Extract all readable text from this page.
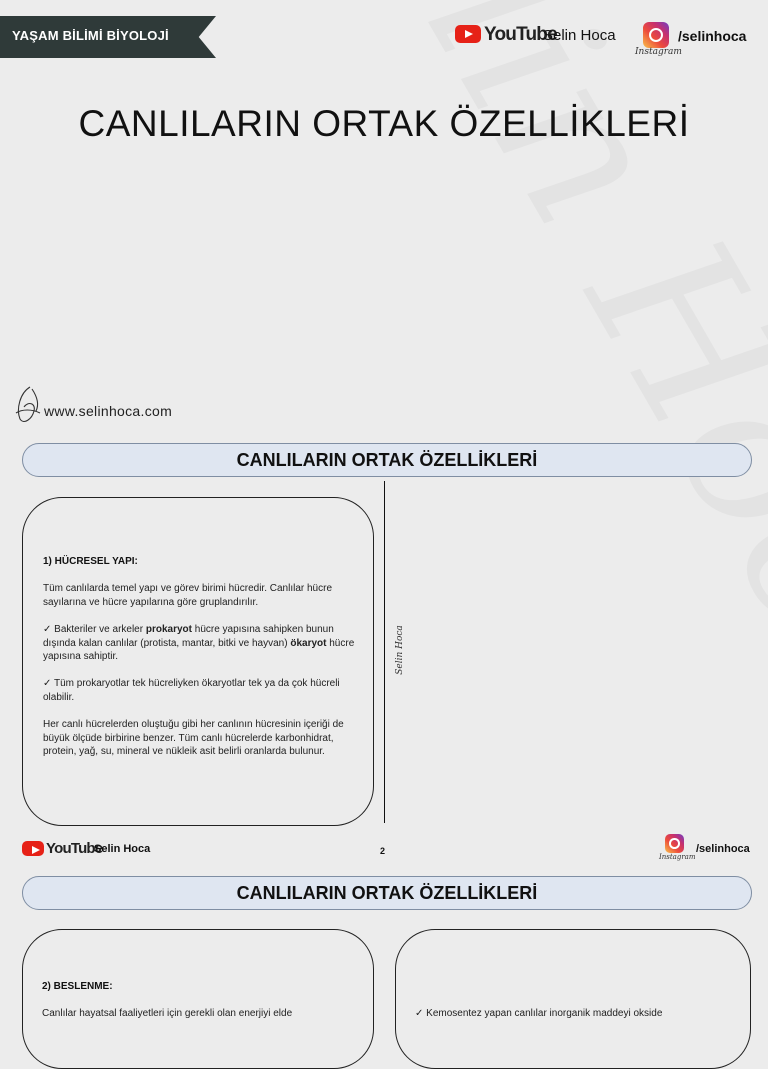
YAŞAM BİLİMİ BİYOLOJİ	YouTube
Selin Hoca
Instagram
/selinhoca
CANLILARIN ORTAK ÖZELLİKLERİ
www.selinhoca.com
CANLILARIN ORTAK ÖZELLİKLERİ

1) HÜCRESEL YAPI:

Tüm canlılarda temel yapı ve görev birimi hücredir. Canlılar hücre sayılarına ve hücre yapılarına göre gruplandırılır.

✓ Bakteriler ve arkeler prokaryot hücre yapısına sahipken bunun dışında kalan canlılar (protista, mantar, bitki ve hayvan) ökaryot hücre yapısına sahiptir.

✓ Tüm prokaryotlar tek hücreliyken ökaryotlar tek ya da çok hücreli olabilir.

Her canlı hücrelerden oluştuğu gibi her canlının hücresinin içeriği de büyük ölçüde birbirine benzer. Tüm canlı hücrelerde karbonhidrat, protein, yağ, su, mineral ve nükleik asit belirli oranlarda bulunur.

Selin Hoca
YouTube
Selin Hoca	2
Instagram
/selinhoca
CANLILARIN ORTAK ÖZELLİKLERİ

2) BESLENME:

Canlılar hayatsal faaliyetleri için gerekli olan enerjiyi elde	✓ Kemosentez yapan canlılar inorganik maddeyi okside
